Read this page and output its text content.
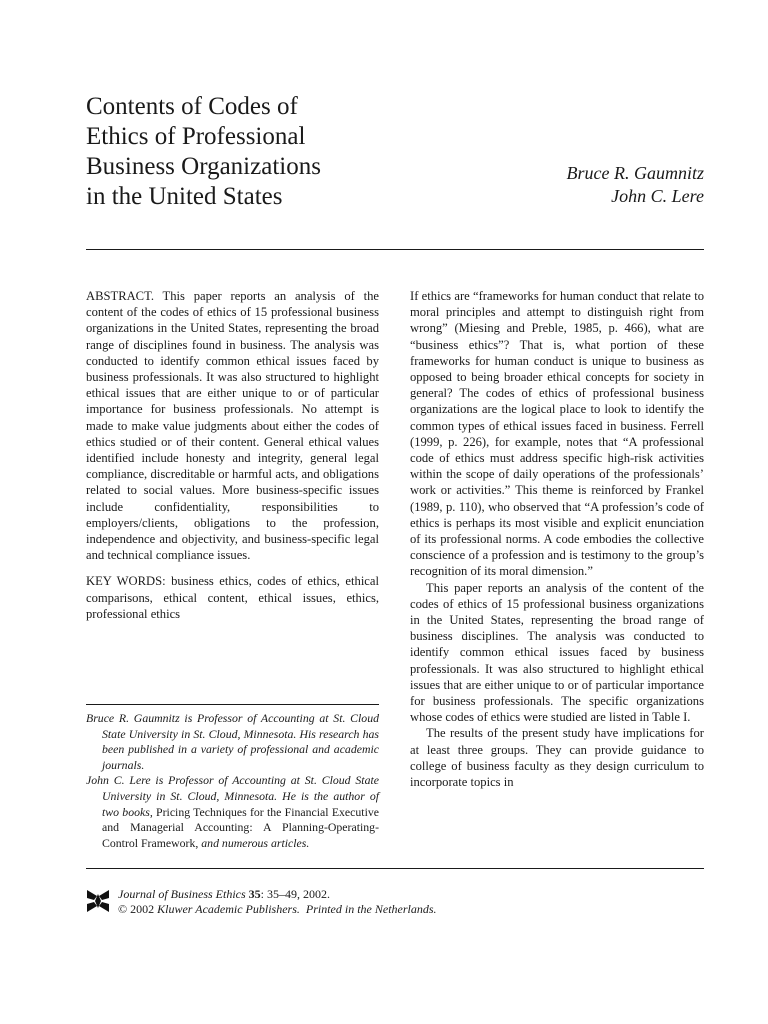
Contents of Codes of
Ethics of Professional
Business Organizations
in the United States
Bruce R. Gaumnitz
John C. Lere

ABSTRACT. This paper reports an analysis of the content of the codes of ethics of 15 professional business organizations in the United States, representing the broad range of disciplines found in business. The analysis was conducted to identify common ethical issues faced by business professionals. It was also structured to highlight ethical issues that are either unique to or of particular importance for business professionals. No attempt is made to make value judgments about either the codes of ethics studied or of their content. General ethical values identified include honesty and integrity, general legal compliance, discreditable or harmful acts, and obligations related to social values. More business-specific issues include confidentiality, responsibilities to employers/clients, obligations to the profession, independence and objectivity, and business-specific legal and technical compliance issues.

KEY WORDS: business ethics, codes of ethics, ethical comparisons, ethical content, ethical issues, ethics, professional ethics

Bruce R. Gaumnitz is Professor of Accounting at St. Cloud State University in St. Cloud, Minnesota. His research has been published in a variety of professional and academic journals.

John C. Lere is Professor of Accounting at St. Cloud State University in St. Cloud, Minnesota. He is the author of two books, Pricing Techniques for the Financial Executive and Managerial Accounting: A Planning-Operating-Control Framework, and numerous articles.

If ethics are “frameworks for human conduct that relate to moral principles and attempt to distinguish right from wrong” (Miesing and Preble, 1985, p. 466), what are “business ethics”? That is, what portion of these frameworks for human conduct is unique to business as opposed to being broader ethical concepts for society in general? The codes of ethics of professional business organizations are the logical place to look to identify the common types of ethical issues faced in business. Ferrell (1999, p. 226), for example, notes that “A professional code of ethics must address specific high-risk activities within the scope of daily operations of the professionals’ work or activities.” This theme is reinforced by Frankel (1989, p. 110), who observed that “A profession’s code of ethics is perhaps its most visible and explicit enunciation of its professional norms. A code embodies the collective conscience of a profession and is testimony to the group’s recognition of its moral dimension.”

This paper reports an analysis of the content of the codes of ethics of 15 professional business organizations in the United States, representing the broad range of business disciplines. The analysis was conducted to identify common ethical issues faced by business professionals. It was also structured to highlight ethical issues that are either unique to or of particular importance for business professionals. The specific organizations whose codes of ethics were studied are listed in Table I.

The results of the present study have implications for at least three groups. They can provide guidance to college of business faculty as they design curriculum to incorporate topics in

Journal of Business Ethics 35: 35–49, 2002.
© 2002 Kluwer Academic Publishers. Printed in the Netherlands.
